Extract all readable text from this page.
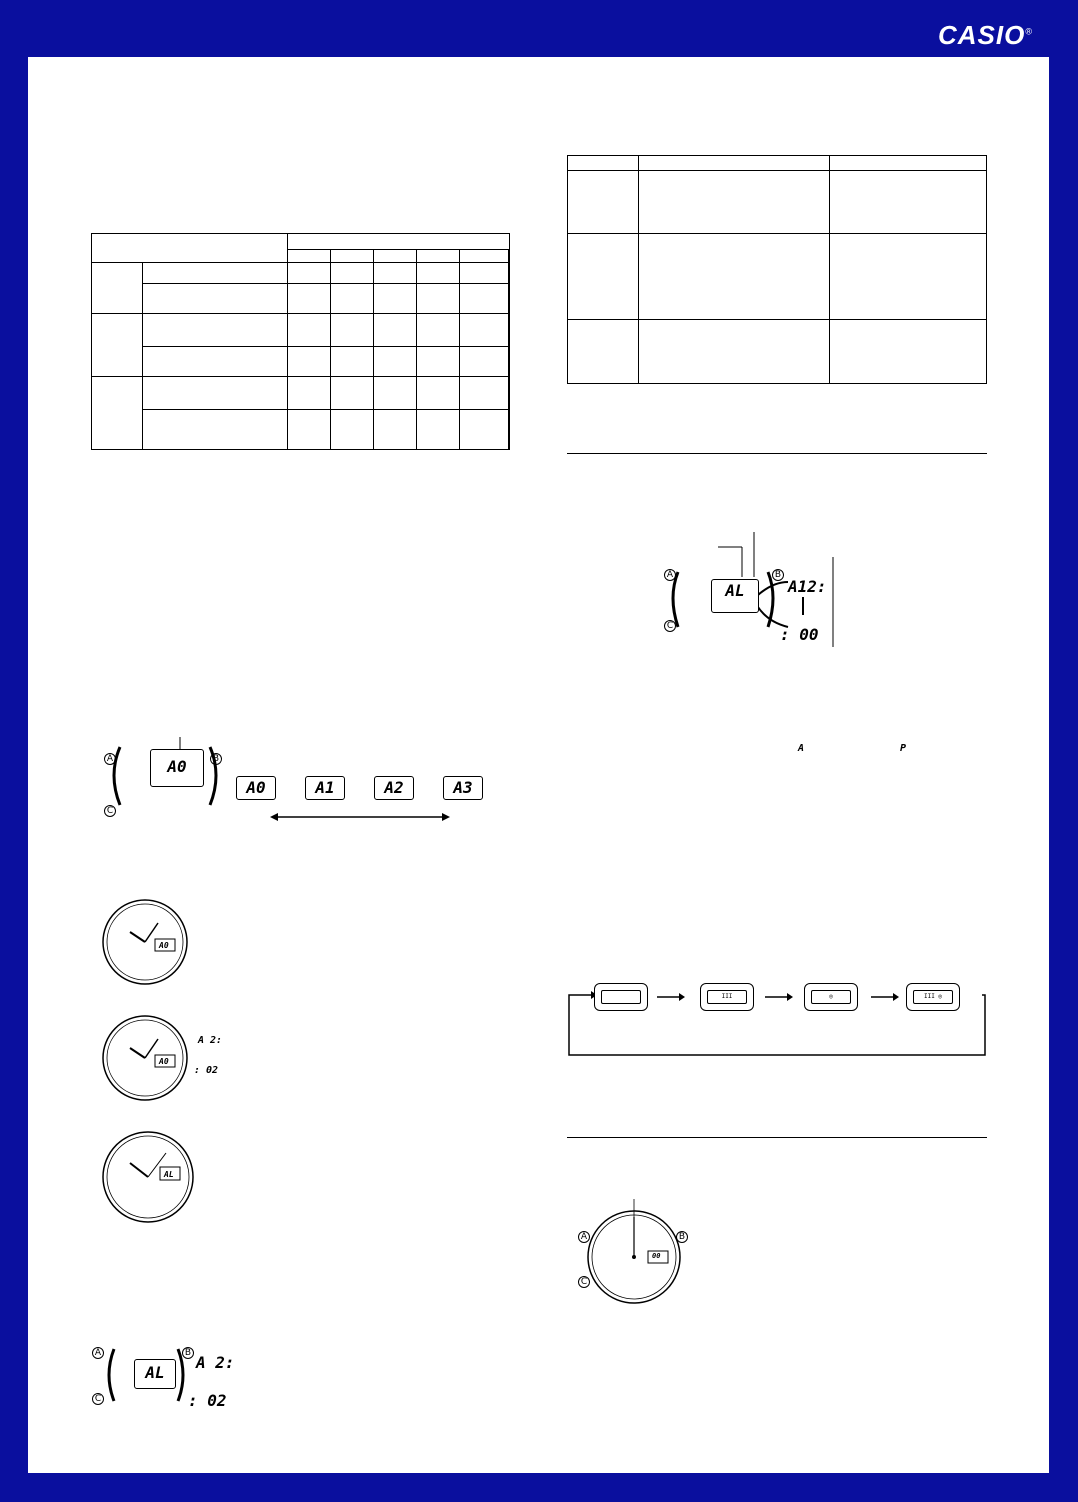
CASIO®

AL
A
C
B
A12:
: 00
A	P
III	◎	III ◎
00
A	B
C
A0
A	B
C
A0	A1	A2	A3
A0
A0
A 2:
: 02
AL
AL
A	B
C
A 2:
: 02
